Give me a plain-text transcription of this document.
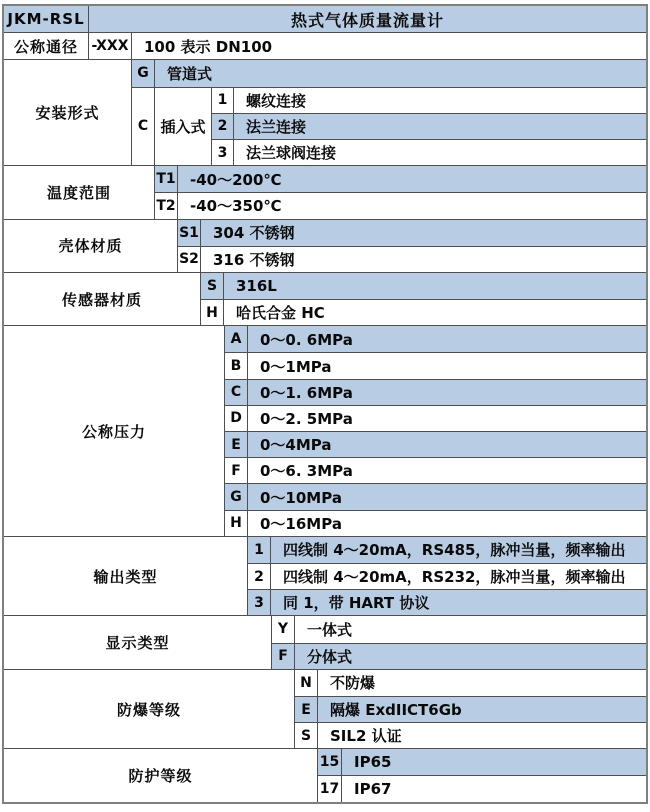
JKM-RSL	热式气体质量流量计
公称通径 -XXX	100 表示 DN100
安装形式
G	管道式
C 插入式
1	螺纹连接
2	法兰连接
3	法兰球阀连接
温度范围
T1 -40～200℃
T2 -40～350℃
壳体材质
S1 304 不锈钢
S2 316 不锈钢
传感器材质
S	316L
H	哈氏合金 HC
公称压力
A	0～0. 6MPa
B	0～1MPa
C	0～1. 6MPa
D	0～2. 5MPa
E	0～4MPa
F	0～6. 3MPa
G	0～10MPa
H	0～16MPa
输出类型
1	四线制 4～20mA，RS485，脉冲当量，频率输出
2	四线制 4～20mA，RS232，脉冲当量，频率输出
3	同 1，带 HART 协议
显示类型
Y	一体式
F	分体式
防爆等级
N	不防爆
E	隔爆 ExdIICT6Gb
S	SIL2 认证
防护等级
15 IP65
17 IP67
